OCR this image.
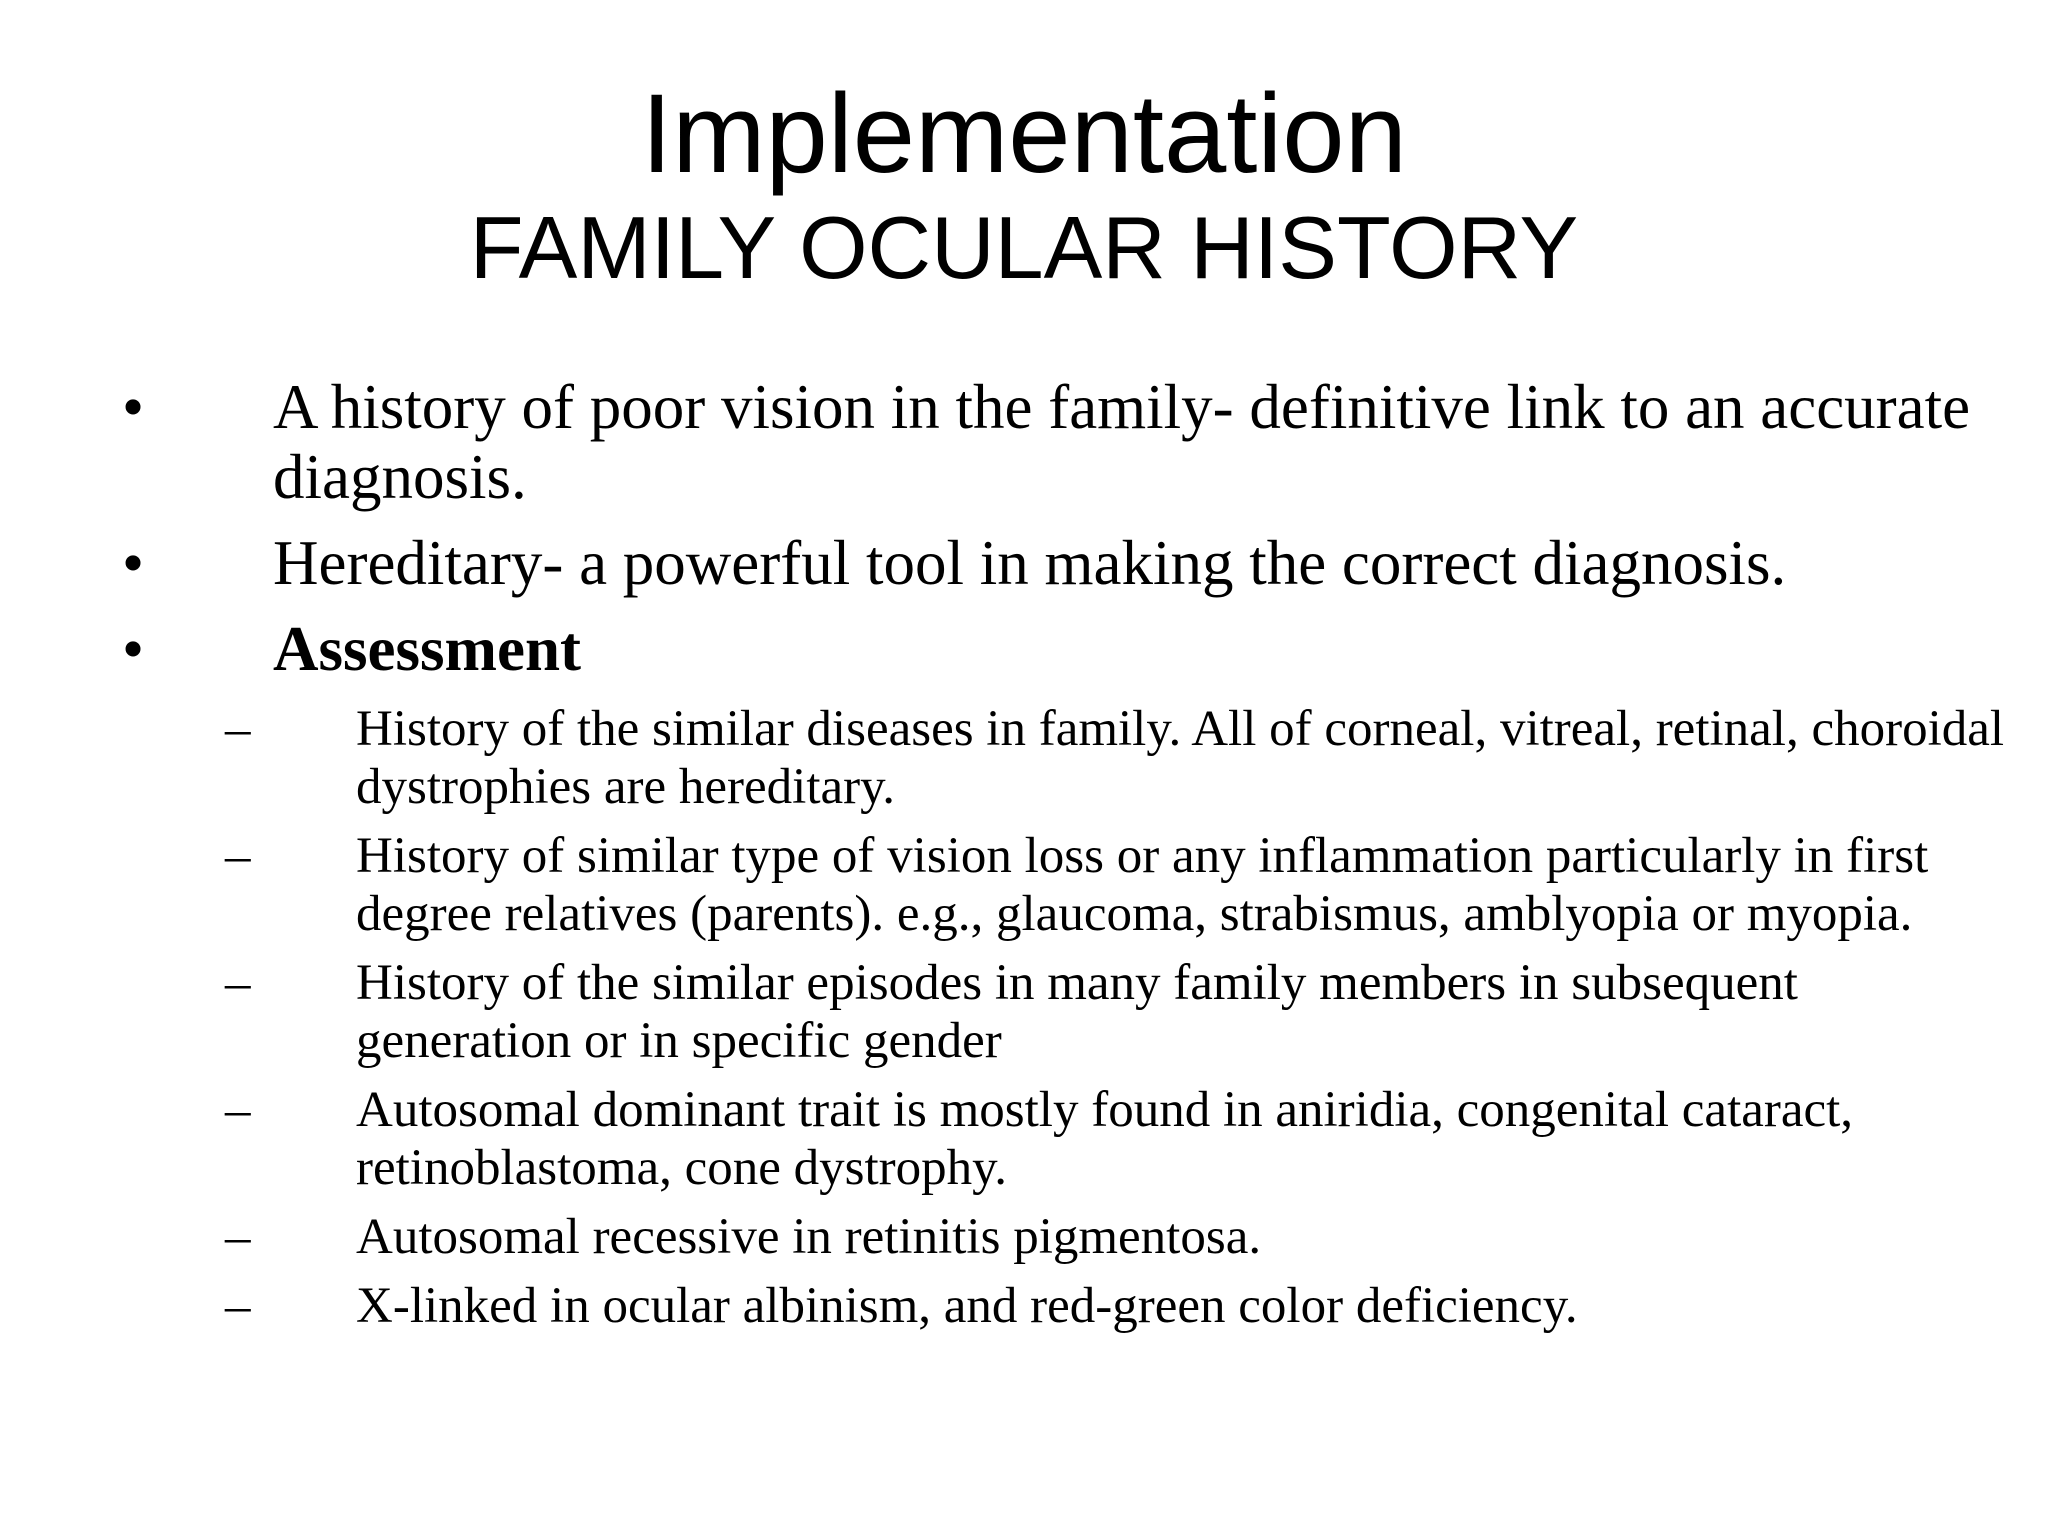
Implementation
FAMILY OCULAR HISTORY
• A history of poor vision in the family- definitive link to an accurate diagnosis.
• Hereditary- a powerful tool in making the correct diagnosis.
• Assessment
– History of the similar diseases in family. All of corneal, vitreal, retinal, choroidal dystrophies are hereditary.
– History of similar type of vision loss or any inflammation particularly in first degree relatives (parents). e.g., glaucoma, strabismus, amblyopia or myopia.
– History of the similar episodes in many family members in subsequent generation or in specific gender
– Autosomal dominant trait is mostly found in aniridia, congenital cataract, retinoblastoma, cone dystrophy.
– Autosomal recessive in retinitis pigmentosa.
– X-linked in ocular albinism, and red-green color deficiency.
